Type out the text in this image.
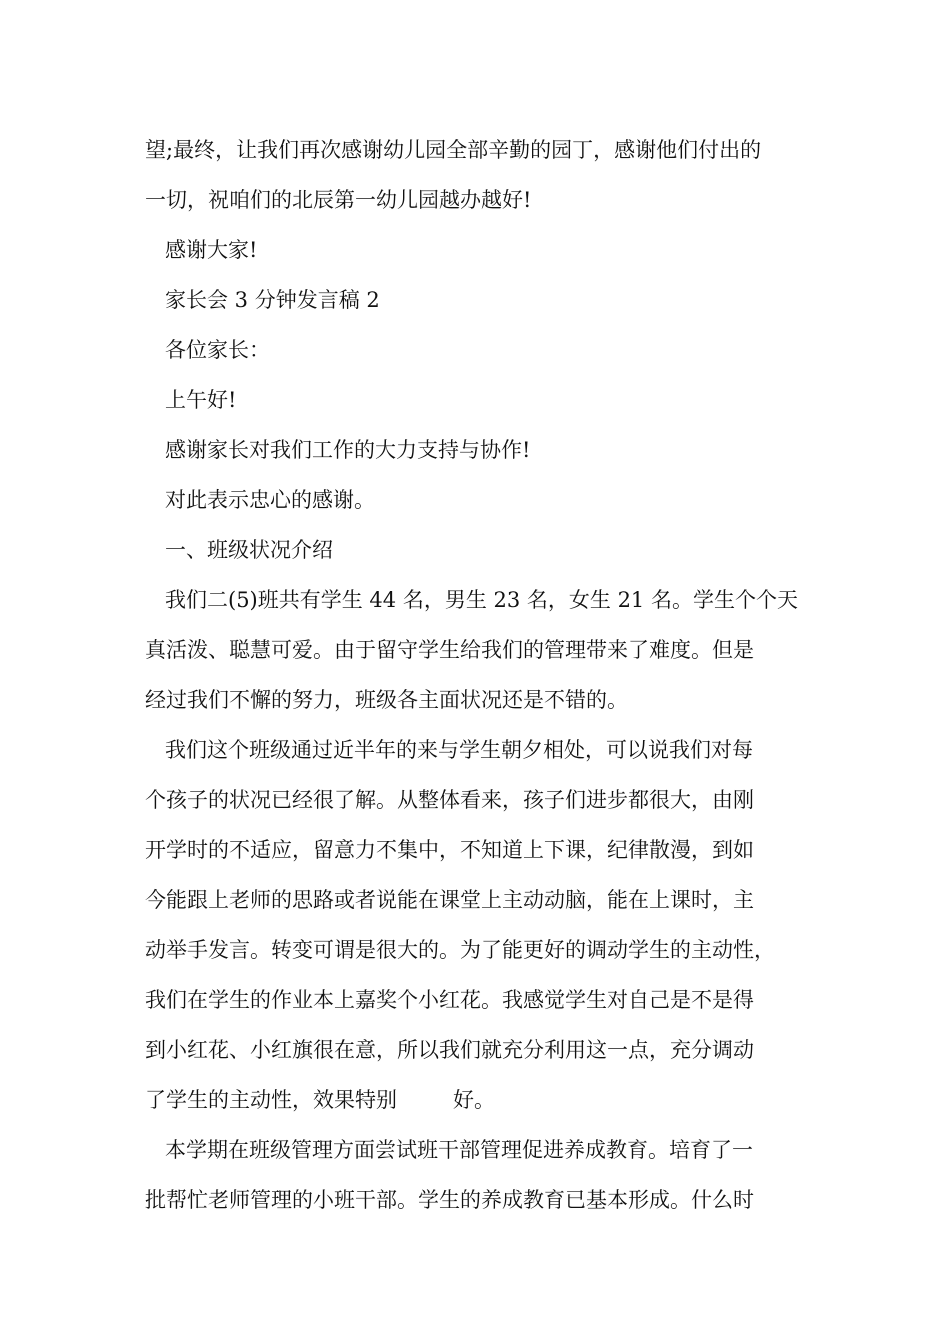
望;最终，让我们再次感谢幼儿园全部辛勤的园丁，感谢他们付出的
一切，祝咱们的北辰第一幼儿园越办越好!
感谢大家!
家长会 3 分钟发言稿 2
各位家长：
上午好!
感谢家长对我们工作的大力支持与协作!
对此表示忠心的感谢。
一、班级状况介绍
我们二(5)班共有学生 44 名，男生 23 名，女生 21 名。学生个个天
真活泼、聪慧可爱。由于留守学生给我们的管理带来了难度。但是
经过我们不懈的努力，班级各主面状况还是不错的。
我们这个班级通过近半年的来与学生朝夕相处，可以说我们对每
个孩子的状况已经很了解。从整体看来，孩子们进步都很大，由刚
开学时的不适应，留意力不集中，不知道上下课，纪律散漫，到如
今能跟上老师的思路或者说能在课堂上主动动脑，能在上课时，主
动举手发言。转变可谓是很大的。为了能更好的调动学生的主动性，
我们在学生的作业本上嘉奖个小红花。我感觉学生对自己是不是得
到小红花、小红旗很在意，所以我们就充分利用这一点，充分调动
了学生的主动性，效果特别	好。
本学期在班级管理方面尝试班干部管理促进养成教育。培育了一
批帮忙老师管理的小班干部。学生的养成教育已基本形成。什么时
